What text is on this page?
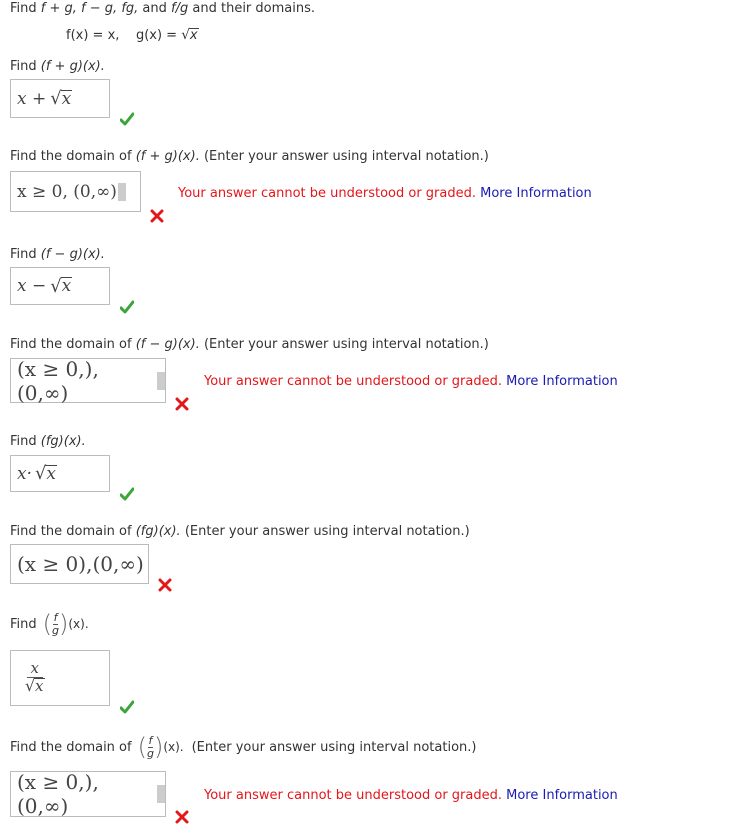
Find f + g, f − g, fg, and f/g and their domains.
f(x) = x, g(x) = √x
Find (f + g)(x).
x + √ x
Find the domain of (f + g)(x). (Enter your answer using interval notation.)
x ≥ 0, (0,∞)	Your answer cannot be understood or graded. More Information
Find (f − g)(x).
x − √ x
Find the domain of (f − g)(x). (Enter your answer using interval notation.)
(x ≥ 0,), (0,∞)	Your answer cannot be understood or graded. More Information
Find (fg)(x).
x· √ x
Find the domain of (fg)(x). (Enter your answer using interval notation.)
(x ≥ 0),(0,∞)
Find ( $\frac{f}{g}$ ) (x).
$\frac{x}{√x}$
Find the domain of ( $\frac{f}{g}$ ) (x). (Enter your answer using interval notation.)
(x ≥ 0,), (0,∞)	Your answer cannot be understood or graded. More Information
